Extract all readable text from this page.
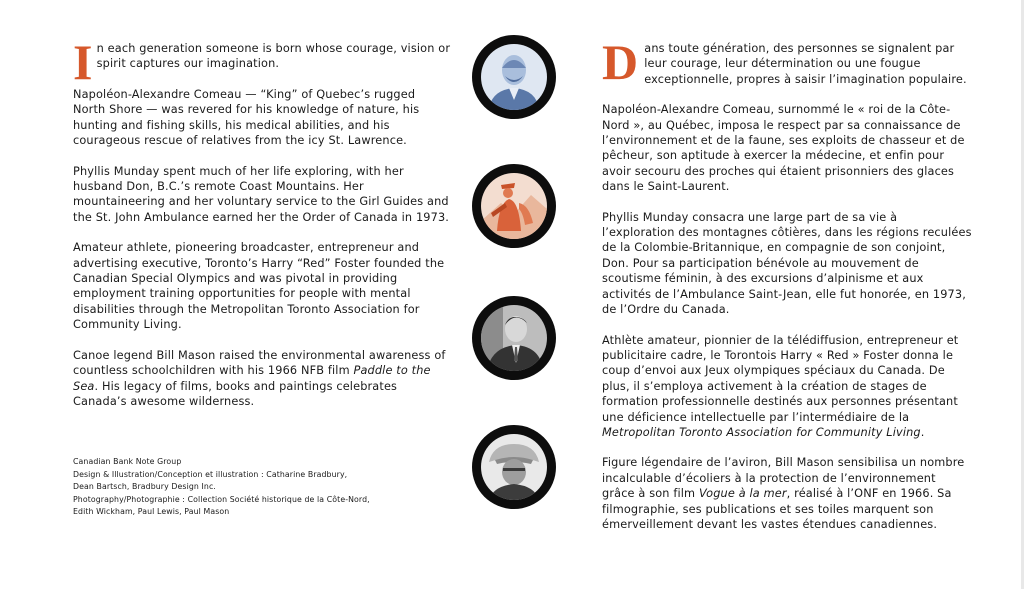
In each generation someone is born whose courage, vision or spirit captures our imagination.

Napoléon-Alexandre Comeau — “King” of Quebec’s rugged North Shore — was revered for his knowledge of nature, his hunting and fishing skills, his medical abilities, and his courageous rescue of relatives from the icy St. Lawrence.

Phyllis Munday spent much of her life exploring, with her husband Don, B.C.’s remote Coast Mountains. Her mountaineering and her voluntary service to the Girl Guides and the St. John Ambulance earned her the Order of Canada in 1973.

Amateur athlete, pioneering broadcaster, entrepreneur and advertising executive, Toronto’s Harry “Red” Foster founded the Canadian Special Olympics and was pivotal in providing employment training opportunities for people with mental disabilities through the Metropolitan Toronto Association for Community Living.

Canoe legend Bill Mason raised the environmental awareness of countless schoolchildren with his 1966 NFB film Paddle to the Sea. His legacy of films, books and paintings celebrates Canada’s awesome wilderness.

Canadian Bank Note Group
Design & Illustration/Conception et illustration : Catharine Bradbury,
Dean Bartsch, Bradbury Design Inc.
Photography/Photographie : Collection Société historique de la Côte-Nord,
Edith Wickham, Paul Lewis, Paul Mason

Dans toute génération, des personnes se signalent par leur courage, leur détermination ou une fougue exceptionnelle, propres à saisir l’imagination populaire.

Napoléon-Alexandre Comeau, surnommé le « roi de la Côte-Nord », au Québec, imposa le respect par sa connaissance de l’environnement et de la faune, ses exploits de chasseur et de pêcheur, son aptitude à exercer la médecine, et enfin pour avoir secouru des proches qui étaient prisonniers des glaces dans le Saint-Laurent.

Phyllis Munday consacra une large part de sa vie à l’exploration des montagnes côtières, dans les régions reculées de la Colombie-Britannique, en compagnie de son conjoint, Don. Pour sa participation bénévole au mouvement de scoutisme féminin, à des excursions d’alpinisme et aux activités de l’Ambulance Saint-Jean, elle fut honorée, en 1973, de l’Ordre du Canada.

Athlète amateur, pionnier de la télédiffusion, entrepreneur et publicitaire cadre, le Torontois Harry « Red » Foster donna le coup d’envoi aux Jeux olympiques spéciaux du Canada. De plus, il s’employa activement à la création de stages de formation professionnelle destinés aux personnes présentant une déficience intellectuelle par l’intermédiaire de la Metropolitan Toronto Association for Community Living.

Figure légendaire de l’aviron, Bill Mason sensibilisa un nombre incalculable d’écoliers à la protection de l’environnement grâce à son film Vogue à la mer, réalisé à l’ONF en 1966. Sa filmographie, ses publications et ses toiles marquent son émerveillement devant les vastes étendues canadiennes.
